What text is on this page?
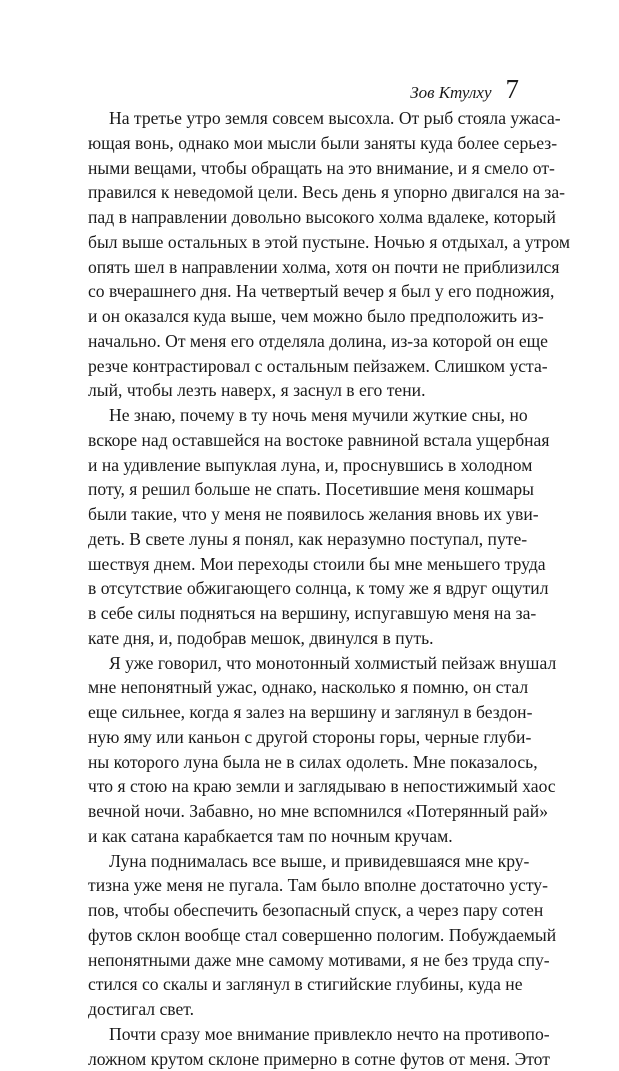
Зов Ктулху 7
На третье утро земля совсем высохла. От рыб стояла ужаса-
ющая вонь, однако мои мысли были заняты куда более серьез-
ными вещами, чтобы обращать на это внимание, и я смело от-
правился к неведомой цели. Весь день я упорно двигался на за-
пад в направлении довольно высокого холма вдалеке, который
был выше остальных в этой пустыне. Ночью я отдыхал, а утром
опять шел в направлении холма, хотя он почти не приблизился
со вчерашнего дня. На четвертый вечер я был у его подножия,
и он оказался куда выше, чем можно было предположить из-
начально. От меня его отделяла долина, из-за которой он еще
резче контрастировал с остальным пейзажем. Слишком уста-
лый, чтобы лезть наверх, я заснул в его тени.
Не знаю, почему в ту ночь меня мучили жуткие сны, но
вскоре над оставшейся на востоке равниной встала ущербная
и на удивление выпуклая луна, и, проснувшись в холодном
поту, я решил больше не спать. Посетившие меня кошмары
были такие, что у меня не появилось желания вновь их уви-
деть. В свете луны я понял, как неразумно поступал, путе-
шествуя днем. Мои переходы стоили бы мне меньшего труда
в отсутствие обжигающего солнца, к тому же я вдруг ощутил
в себе силы подняться на вершину, испугавшую меня на за-
кате дня, и, подобрав мешок, двинулся в путь.
Я уже говорил, что монотонный холмистый пейзаж внушал
мне непонятный ужас, однако, насколько я помню, он стал
еще сильнее, когда я залез на вершину и заглянул в бездон-
ную яму или каньон с другой стороны горы, черные глуби-
ны которого луна была не в силах одолеть. Мне показалось,
что я стою на краю земли и заглядываю в непостижимый хаос
вечной ночи. Забавно, но мне вспомнился «Потерянный рай»
и как сатана карабкается там по ночным кручам.
Луна поднималась все выше, и привидевшаяся мне кру-
тизна уже меня не пугала. Там было вполне достаточно усту-
пов, чтобы обеспечить безопасный спуск, а через пару сотен
футов склон вообще стал совершенно пологим. Побуждаемый
непонятными даже мне самому мотивами, я не без труда спу-
стился со скалы и заглянул в стигийские глубины, куда не
достигал свет.
Почти сразу мое внимание привлекло нечто на противопо-
ложном крутом склоне примерно в сотне футов от меня. Этот
